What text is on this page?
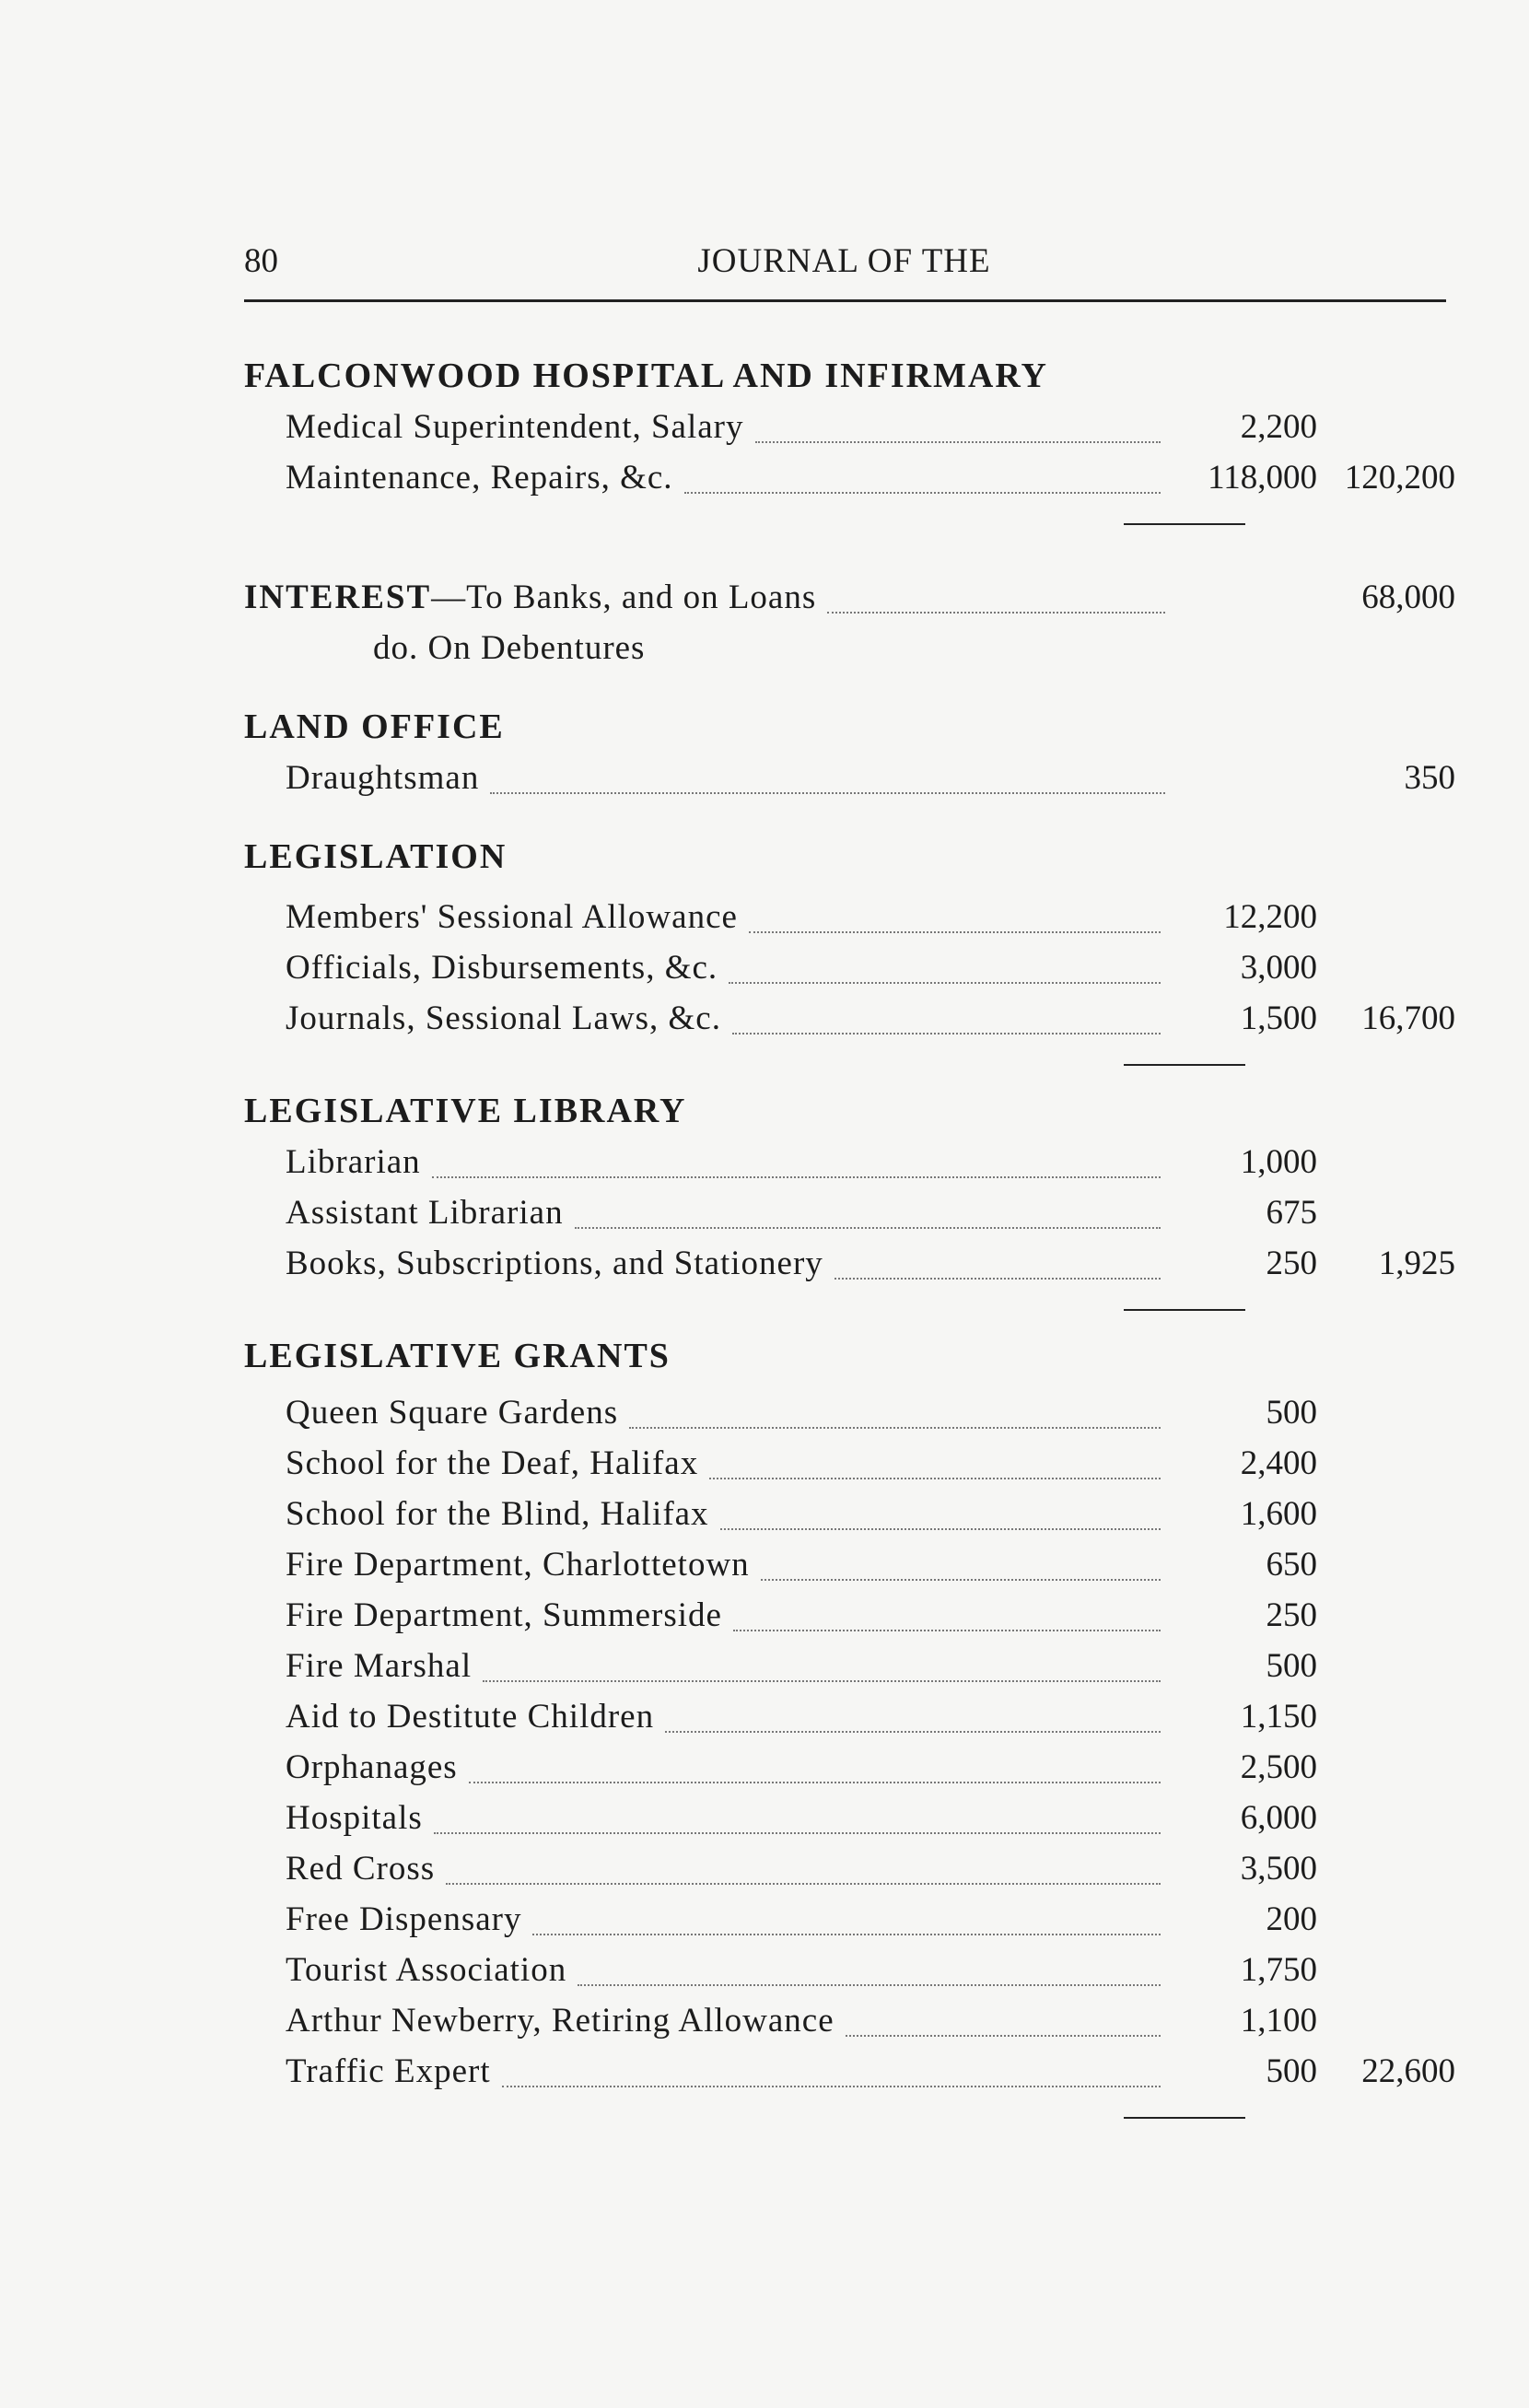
80	JOURNAL OF THE
FALCONWOOD HOSPITAL AND INFIRMARY
Medical Superintendent, Salary	2,200
Maintenance, Repairs, &c.	118,000 120,200
INTEREST—To Banks, and on Loans	68,000
do. On Debentures
LAND OFFICE
Draughtsman	350
LEGISLATION
Members' Sessional Allowance	12,200
Officials, Disbursements, &c.	3,000
Journals, Sessional Laws, &c.	1,500	16,700
LEGISLATIVE LIBRARY
Librarian	1,000
Assistant Librarian	675
Books, Subscriptions, and Stationery	250	1,925
LEGISLATIVE GRANTS
Queen Square Gardens	500
School for the Deaf, Halifax	2,400
School for the Blind, Halifax	1,600
Fire Department, Charlottetown	650
Fire Department, Summerside	250
Fire Marshal	500
Aid to Destitute Children	1,150
Orphanages	2,500
Hospitals	6,000
Red Cross	3,500
Free Dispensary	200
Tourist Association	1,750
Arthur Newberry, Retiring Allowance	1,100
Traffic Expert	500	22,600
